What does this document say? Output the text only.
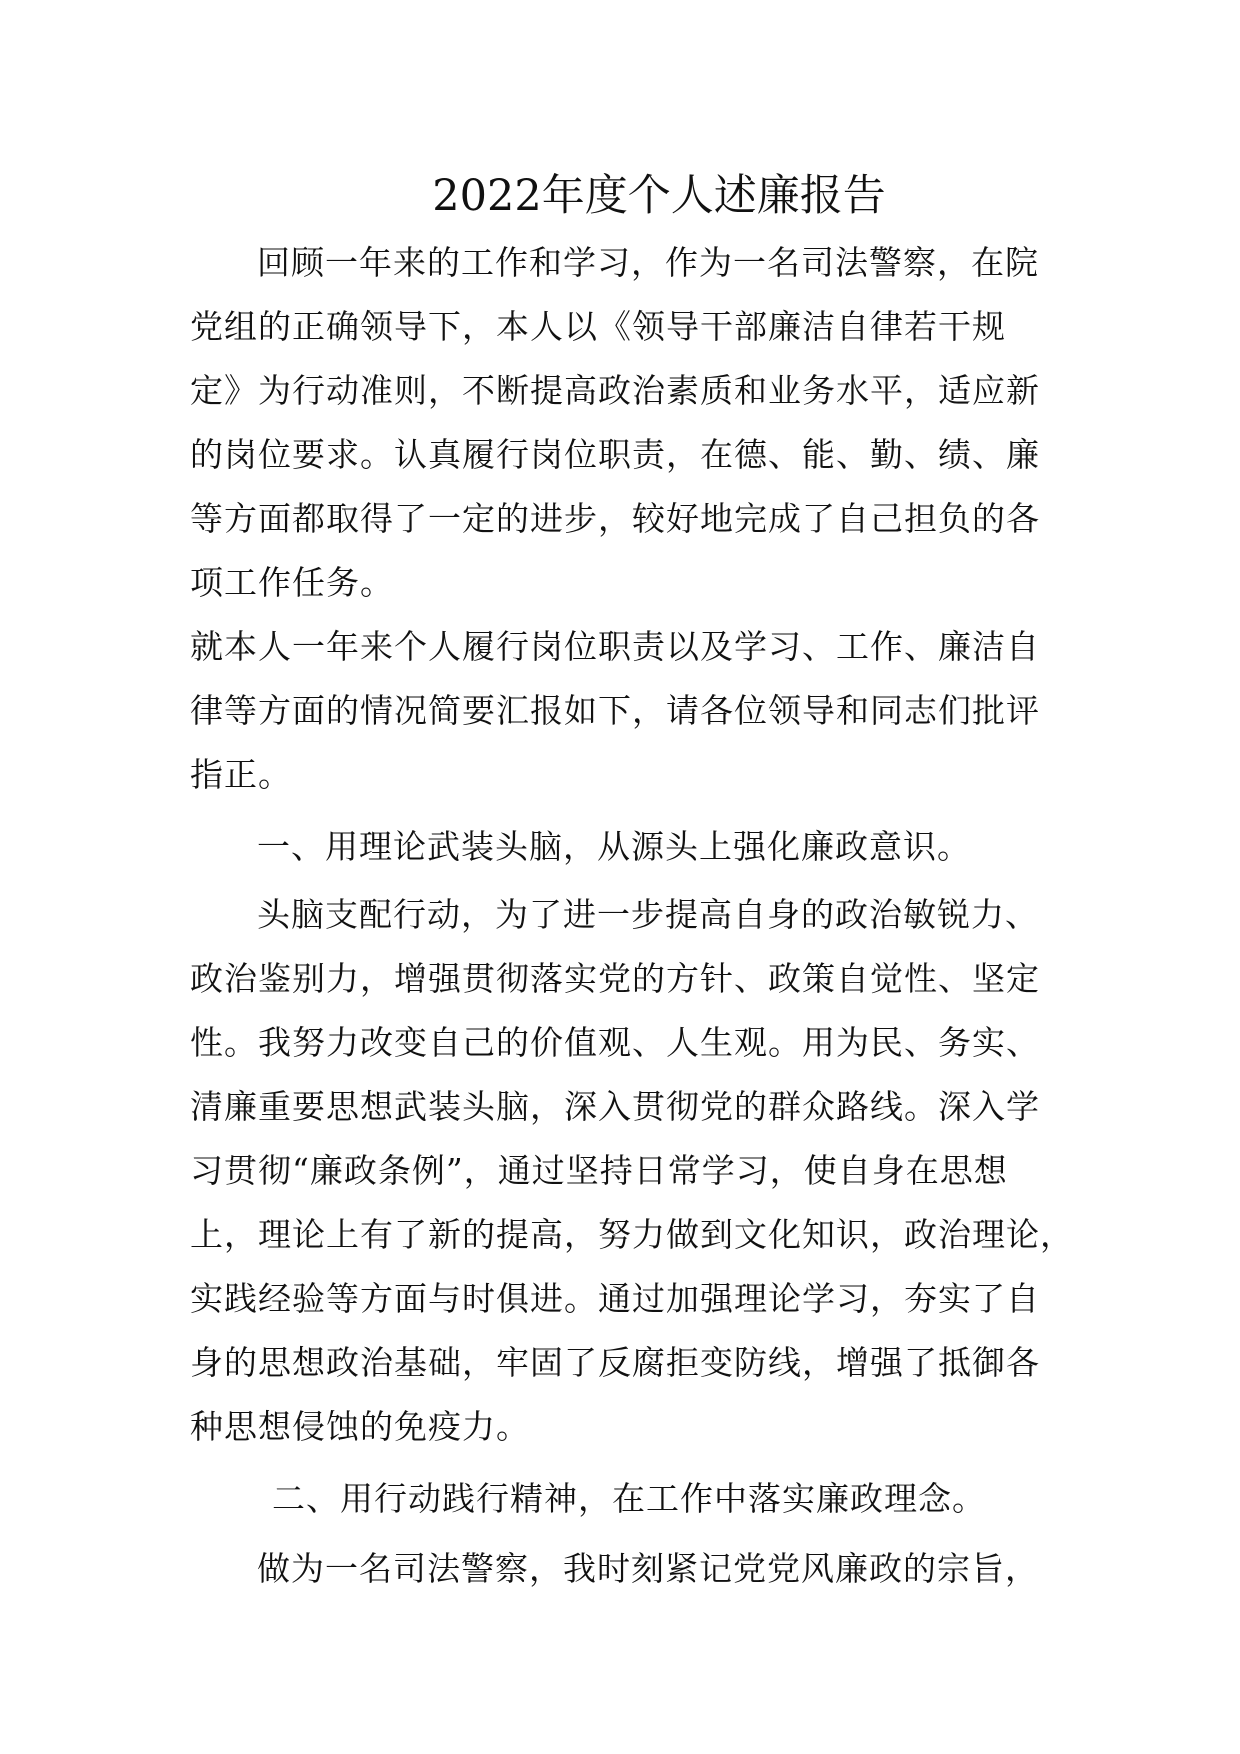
2022年度个人述廉报告
回顾一年来的工作和学习，作为一名司法警察，在院
党组的正确领导下，本人以《领导干部廉洁自律若干规
定》为行动准则，不断提高政治素质和业务水平，适应新
的岗位要求。认真履行岗位职责，在德、能、勤、绩、廉
等方面都取得了一定的进步，较好地完成了自己担负的各
项工作任务。
就本人一年来个人履行岗位职责以及学习、工作、廉洁自
律等方面的情况简要汇报如下，请各位领导和同志们批评
指正。
一、用理论武装头脑，从源头上强化廉政意识。
头脑支配行动，为了进一步提高自身的政治敏锐力、
政治鉴别力，增强贯彻落实党的方针、政策自觉性、坚定
性。我努力改变自己的价值观、人生观。用为民、务实、
清廉重要思想武装头脑，深入贯彻党的群众路线。深入学
习贯彻“廉政条例”，通过坚持日常学习，使自身在思想
上，理论上有了新的提高，努力做到文化知识，政治理论，
实践经验等方面与时俱进。通过加强理论学习，夯实了自
身的思想政治基础，牢固了反腐拒变防线，增强了抵御各
种思想侵蚀的免疫力。
二、用行动践行精神，在工作中落实廉政理念。
做为一名司法警察，我时刻紧记党党风廉政的宗旨，
